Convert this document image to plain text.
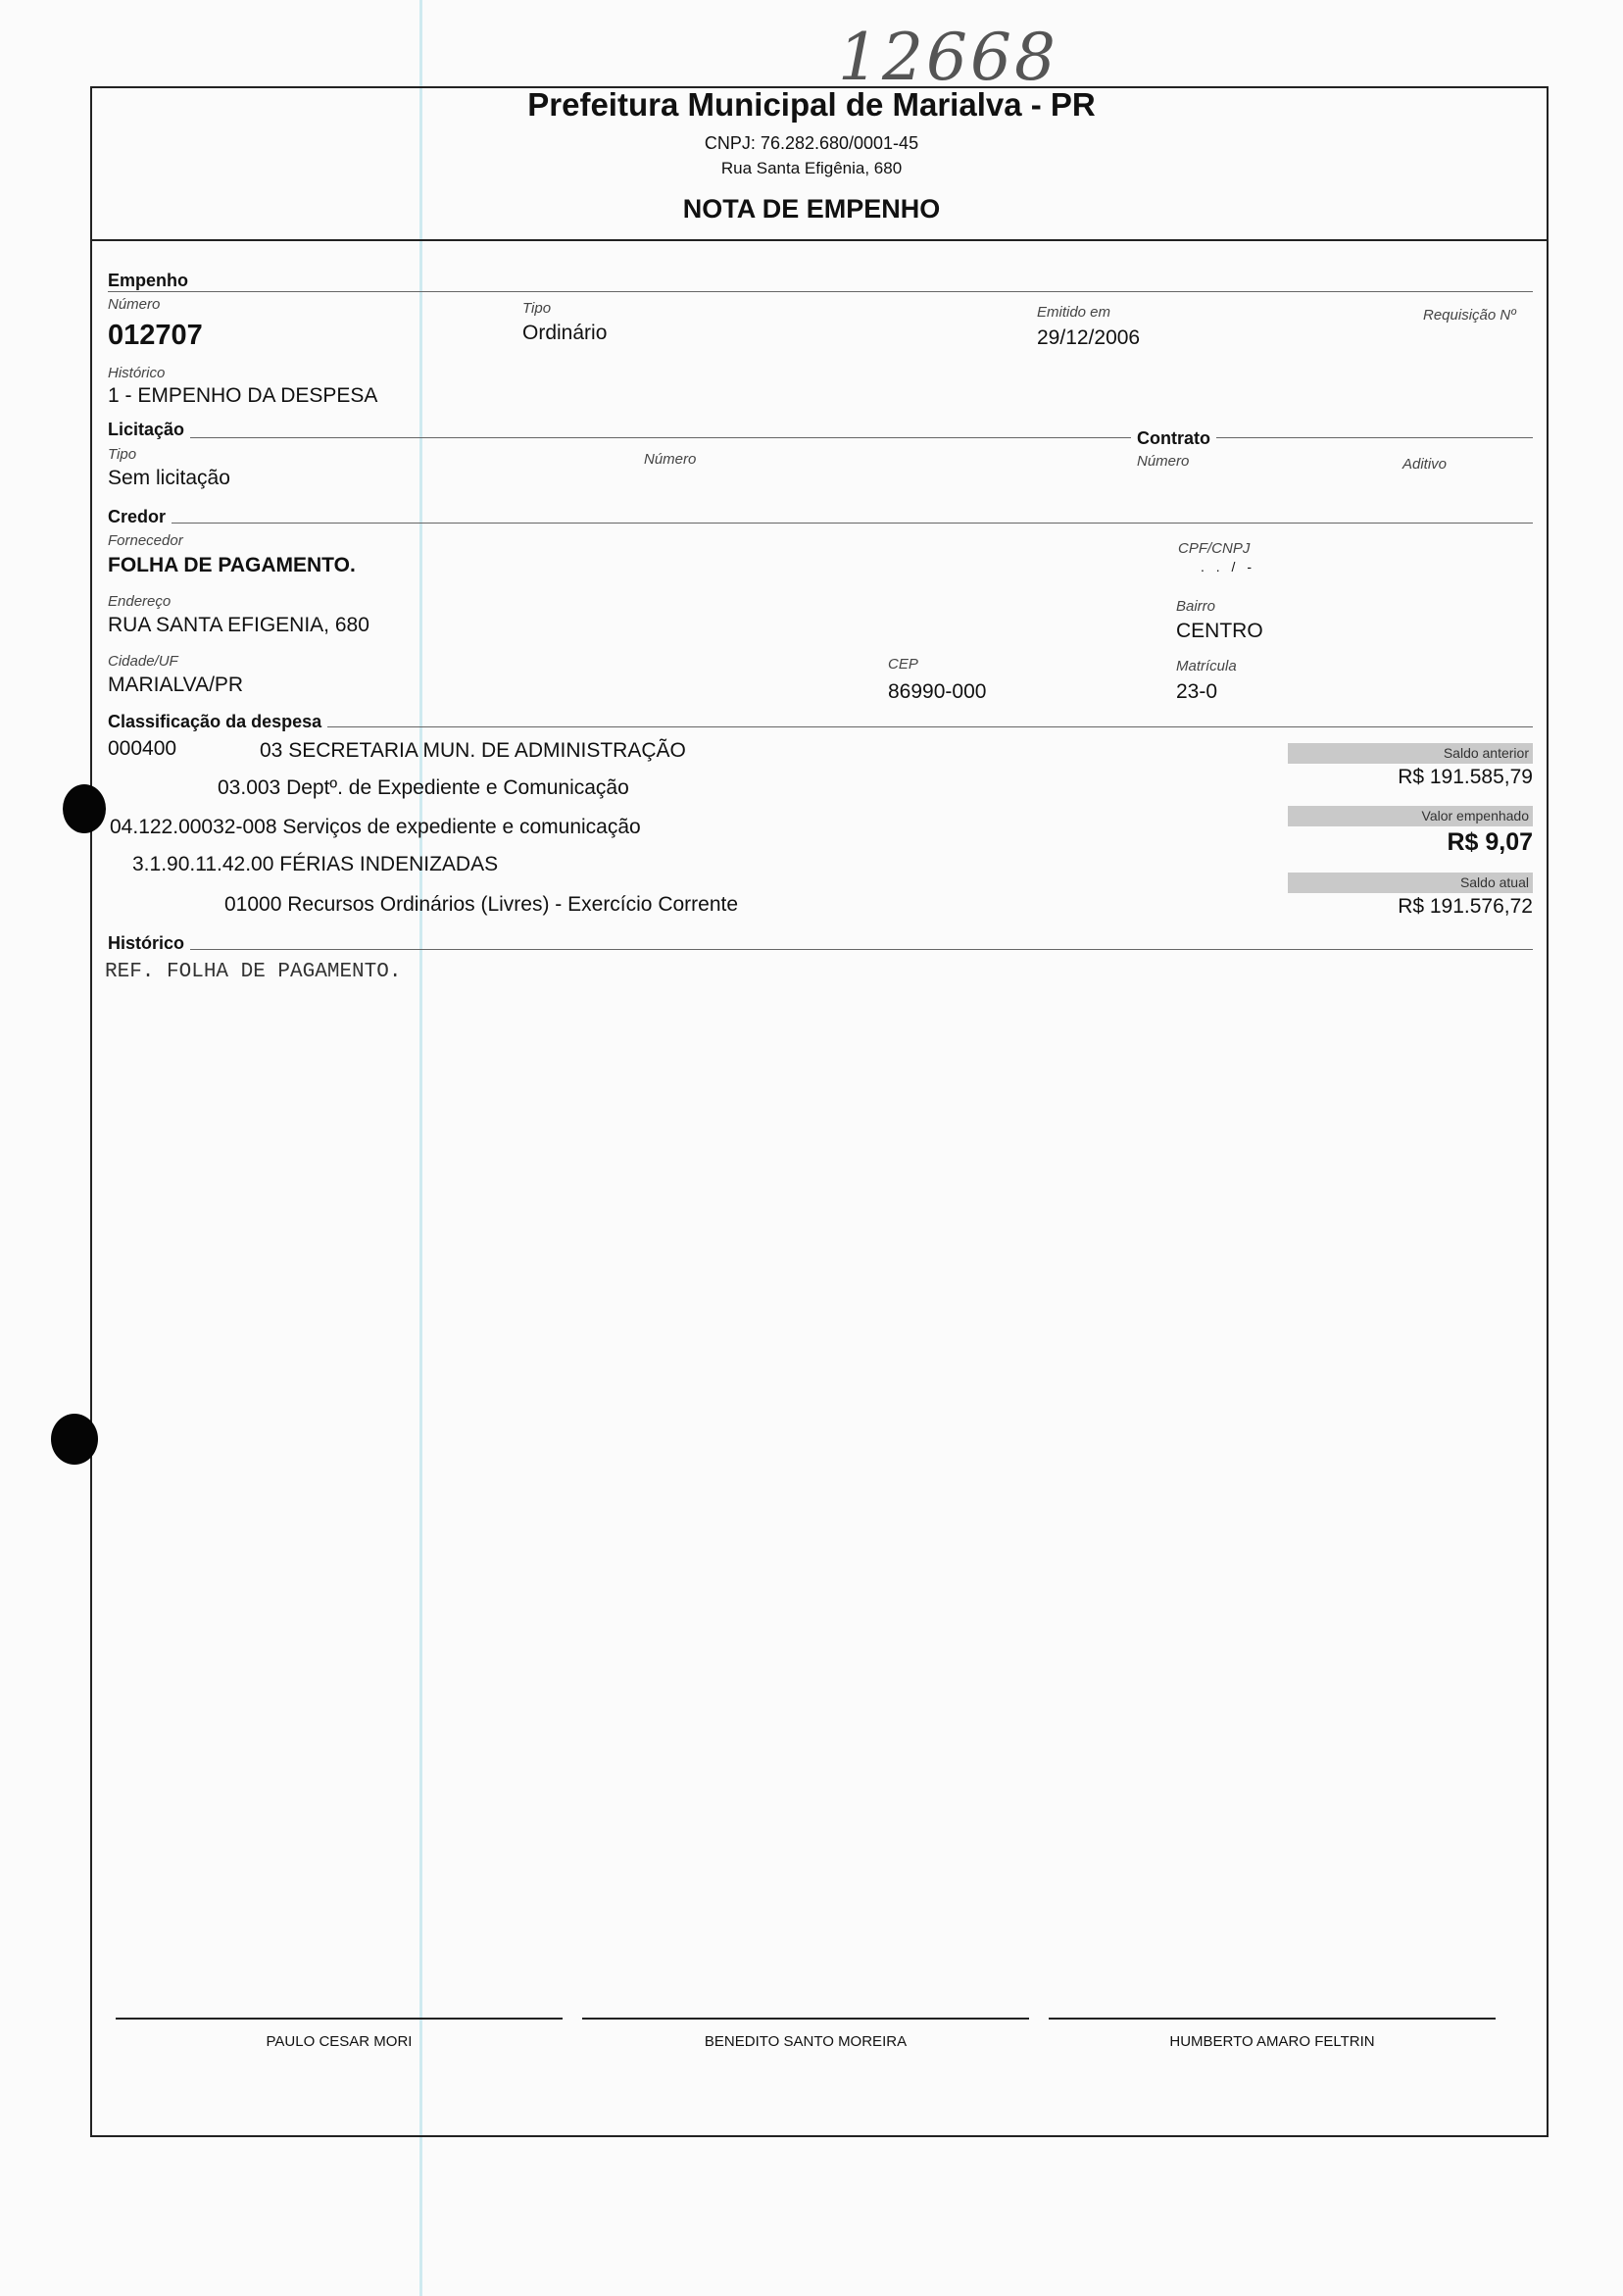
12668
Prefeitura Municipal de Marialva - PR
CNPJ: 76.282.680/0001-45
Rua Santa Efigênia, 680
NOTA DE EMPENHO
Empenho
Número
012707
Tipo
Ordinário
Emitido em
29/12/2006
Requisição Nº
Histórico
1 - EMPENHO DA DESPESA
Licitação	Contrato
Tipo
Sem licitação
Número	Número	Aditivo
Credor
Fornecedor
FOLHA DE PAGAMENTO.
CPF/CNPJ
. . / -
Endereço
RUA SANTA EFIGENIA, 680
Bairro
CENTRO
Cidade/UF
MARIALVA/PR
CEP
86990-000
Matrícula
23-0
Classificação da despesa
000400	03 SECRETARIA MUN. DE ADMINISTRAÇÃO
03.003 Deptº. de Expediente e Comunicação
04.122.00032-008 Serviços de expediente e comunicação
3.1.90.11.42.00 FÉRIAS INDENIZADAS
01000 Recursos Ordinários (Livres) - Exercício Corrente
Saldo anterior
R$ 191.585,79
Valor empenhado
R$ 9,07
Saldo atual
R$ 191.576,72
Histórico
REF. FOLHA DE PAGAMENTO.
PAULO CESAR MORI	BENEDITO SANTO MOREIRA	HUMBERTO AMARO FELTRIN
